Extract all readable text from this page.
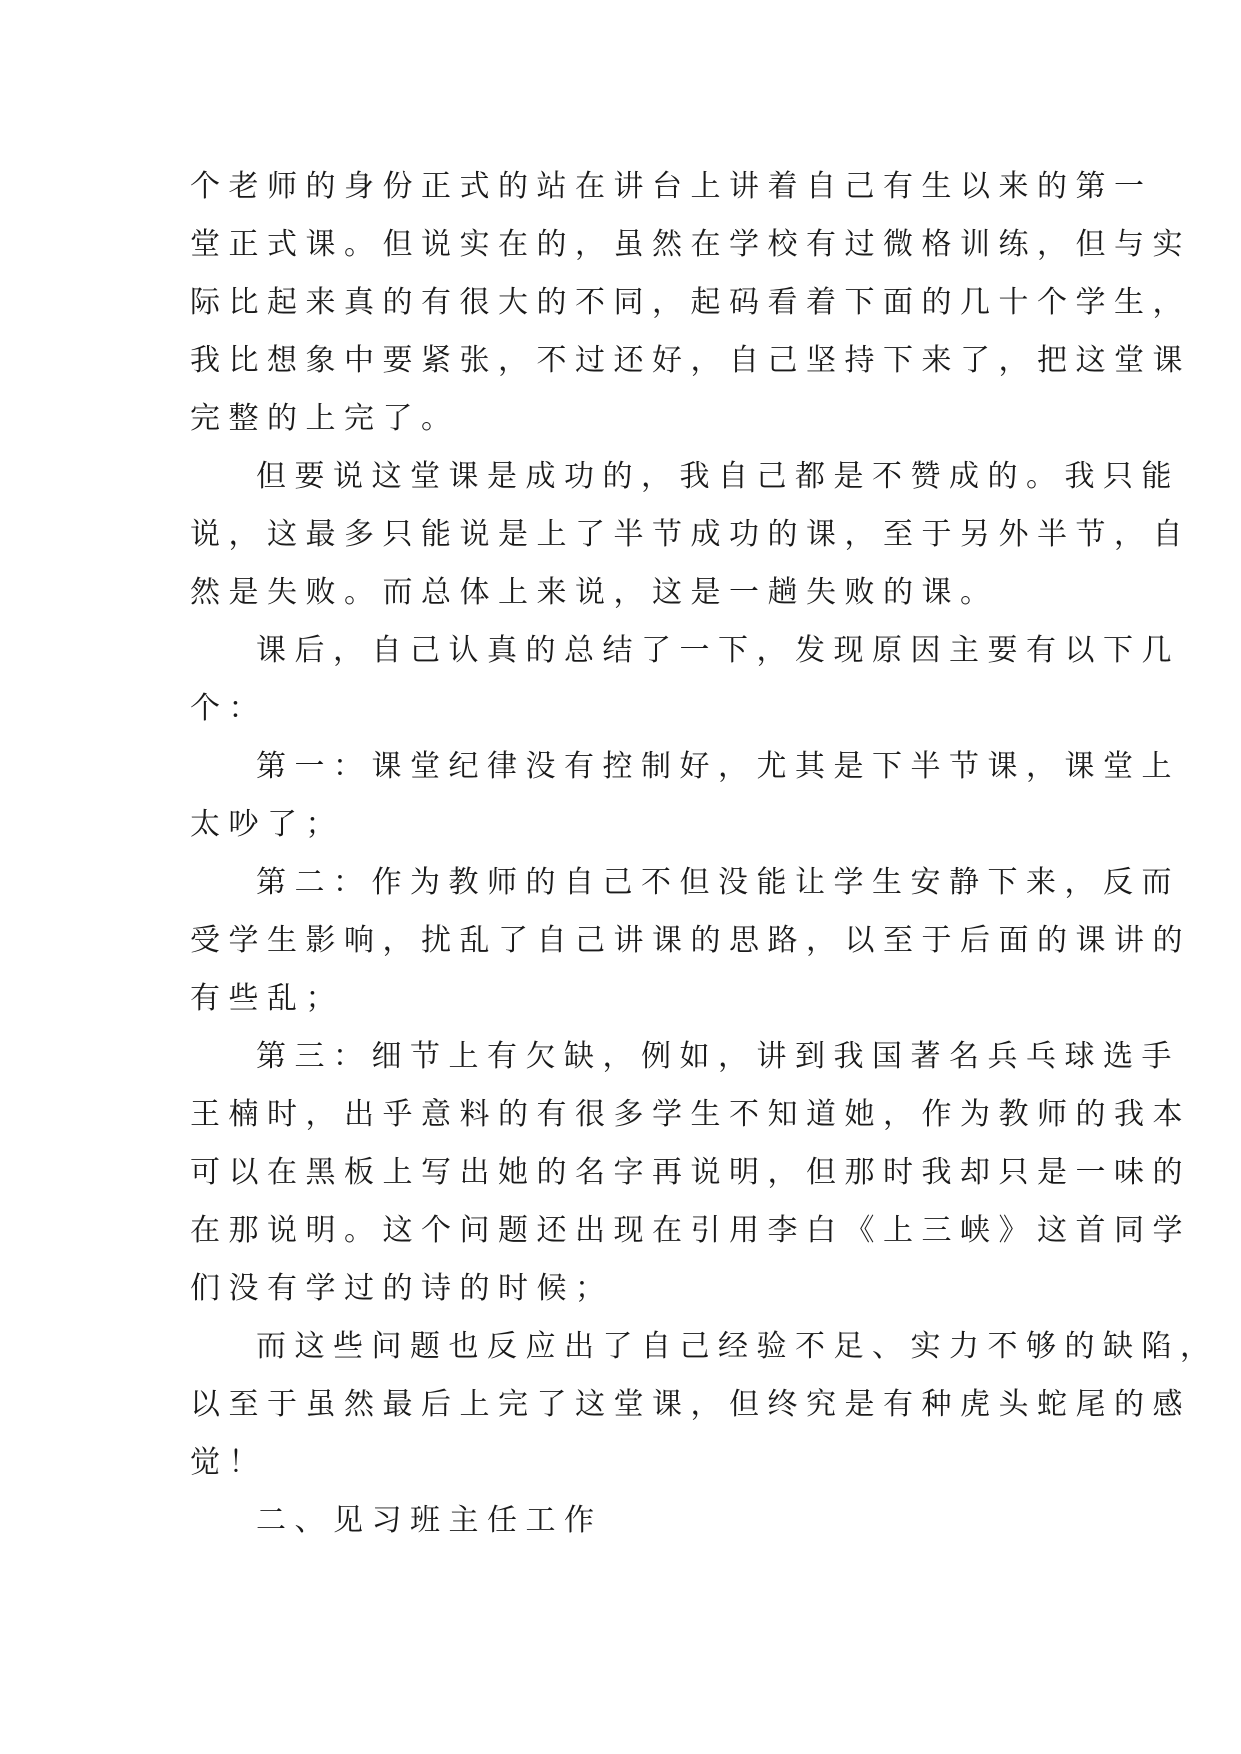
个老师的身份正式的站在讲台上讲着自己有生以来的第一
堂正式课。但说实在的，虽然在学校有过微格训练，但与实
际比起来真的有很大的不同，起码看着下面的几十个学生，
我比想象中要紧张，不过还好，自己坚持下来了，把这堂课
完整的上完了。
但要说这堂课是成功的，我自己都是不赞成的。我只能
说，这最多只能说是上了半节成功的课，至于另外半节，自
然是失败。而总体上来说，这是一趟失败的课。
课后，自己认真的总结了一下，发现原因主要有以下几
个：
第一：课堂纪律没有控制好，尤其是下半节课，课堂上
太吵了；
第二：作为教师的自己不但没能让学生安静下来，反而
受学生影响，扰乱了自己讲课的思路，以至于后面的课讲的
有些乱；
第三：细节上有欠缺，例如，讲到我国著名兵乓球选手
王楠时，出乎意料的有很多学生不知道她，作为教师的我本
可以在黑板上写出她的名字再说明，但那时我却只是一味的
在那说明。这个问题还出现在引用李白《上三峡》这首同学
们没有学过的诗的时候；
而这些问题也反应出了自己经验不足、实力不够的缺陷，
以至于虽然最后上完了这堂课，但终究是有种虎头蛇尾的感
觉！
二、见习班主任工作
